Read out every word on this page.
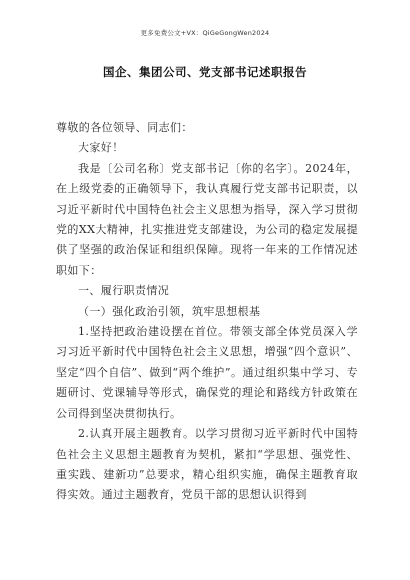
更多免费公文+VX：QiGeGongWen2024
国企、集团公司、党支部书记述职报告

尊敬的各位领导、同志们：

大家好！

我是〔公司名称〕党支部书记〔你的名字〕。2024年，在上级党委的正确领导下，我认真履行党支部书记职责，以习近平新时代中国特色社会主义思想为指导，深入学习贯彻党的XX大精神，扎实推进党支部建设，为公司的稳定发展提供了坚强的政治保证和组织保障。现将一年来的工作情况述职如下：

一、履行职责情况

（一）强化政治引领，筑牢思想根基

1.坚持把政治建设摆在首位。带领支部全体党员深入学习习近平新时代中国特色社会主义思想，增强“四个意识”、坚定“四个自信”、做到“两个维护”。通过组织集中学习、专题研讨、党课辅导等形式，确保党的理论和路线方针政策在公司得到坚决贯彻执行。

2.认真开展主题教育。以学习贯彻习近平新时代中国特色社会主义思想主题教育为契机，紧扣“学思想、强党性、重实践、建新功”总要求，精心组织实施，确保主题教育取得实效。通过主题教育，党员干部的思想认识得到
